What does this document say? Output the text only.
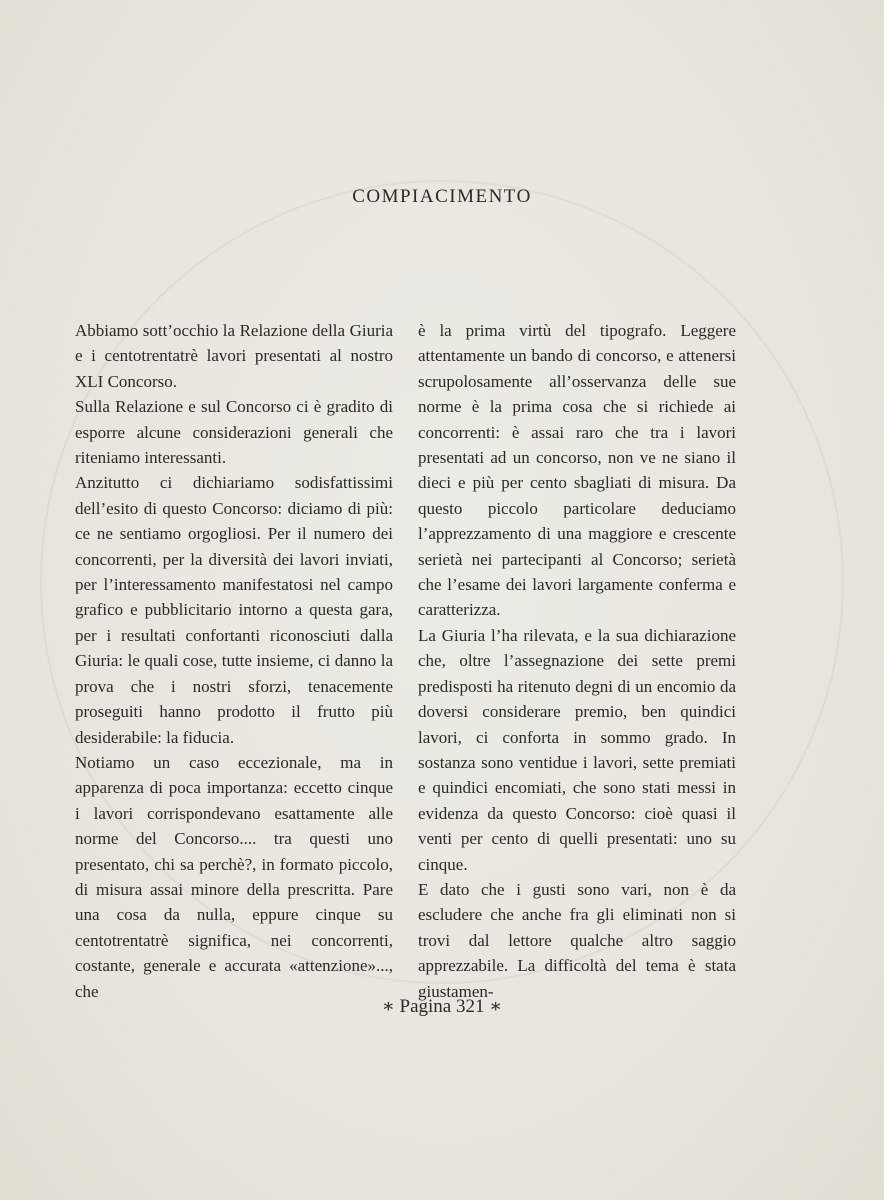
COMPIACIMENTO

Abbiamo sott’occhio la Relazione della Giuria e i centotrentatrè lavori presentati al nostro XLI Concorso.

Sulla Relazione e sul Concorso ci è gradito di esporre alcune considerazioni generali che riteniamo interessanti.

Anzitutto ci dichiariamo sodisfattissimi dell’esito di questo Concorso: diciamo di più: ce ne sentiamo orgogliosi. Per il numero dei concorrenti, per la diversità dei lavori inviati, per l’interessamento manifestatosi nel campo grafico e pubblicitario intorno a questa gara, per i resultati confortanti riconosciuti dalla Giuria: le quali cose, tutte insieme, ci danno la prova che i nostri sforzi, tenacemente proseguiti hanno prodotto il frutto più desiderabile: la fiducia.

Notiamo un caso eccezionale, ma in apparenza di poca importanza: eccetto cinque i lavori corrispondevano esattamente alle norme del Concorso.... tra questi uno presentato, chi sa perchè?, in formato piccolo, di misura assai minore della prescritta. Pare una cosa da nulla, eppure cinque su centotrentatrè significa, nei concorrenti, costante, generale e accurata «attenzione»..., che

è la prima virtù del tipografo. Leggere attentamente un bando di concorso, e attenersi scrupolosamente all’osservanza delle sue norme è la prima cosa che si richiede ai concorrenti: è assai raro che tra i lavori presentati ad un concorso, non ve ne siano il dieci e più per cento sbagliati di misura. Da questo piccolo particolare deduciamo l’apprezzamento di una maggiore e crescente serietà nei partecipanti al Concorso; serietà che l’esame dei lavori largamente conferma e caratterizza.

La Giuria l’ha rilevata, e la sua dichiarazione che, oltre l’assegnazione dei sette premi predisposti ha ritenuto degni di un encomio da doversi considerare premio, ben quindici lavori, ci conforta in sommo grado. In sostanza sono ventidue i lavori, sette premiati e quindici encomiati, che sono stati messi in evidenza da questo Concorso: cioè quasi il venti per cento di quelli presentati: uno su cinque.

E dato che i gusti sono vari, non è da escludere che anche fra gli eliminati non si trovi dal lettore qualche altro saggio apprezzabile. La difficoltà del tema è stata giustamen-

∗ Pagina 321 ∗
